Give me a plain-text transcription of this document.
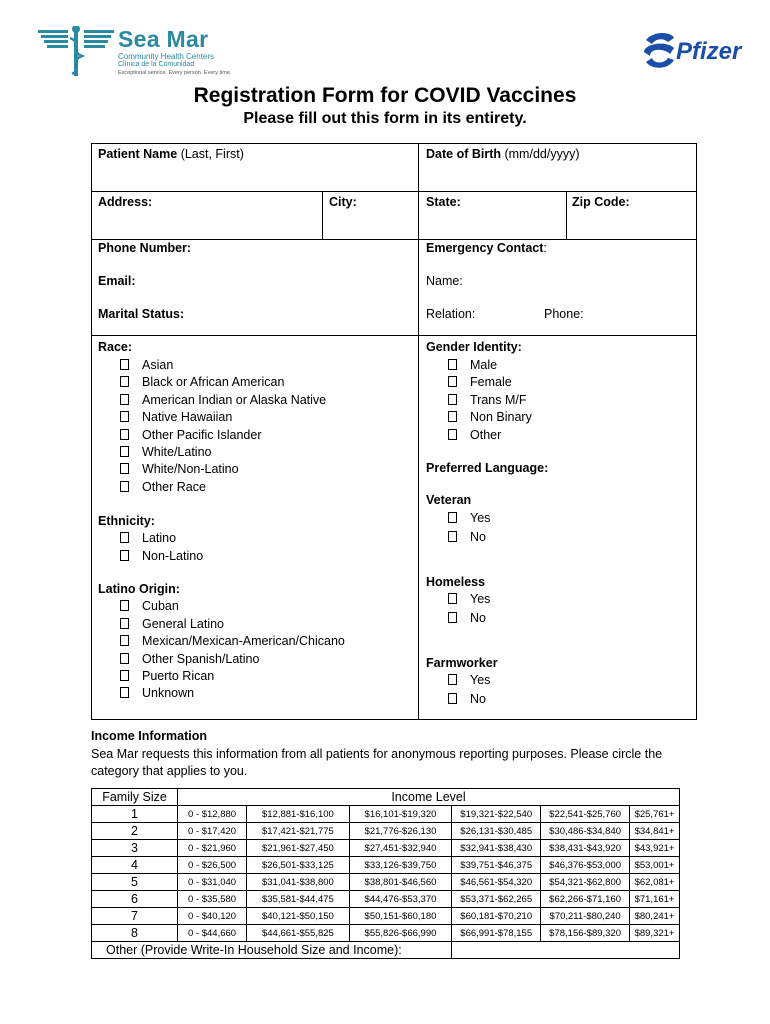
Sea Mar
Community Health Centers
Clínica de la Comunidad
Exceptional service. Every person. Every time.
Pfizer
Registration Form for COVID Vaccines
Please fill out this form in its entirety.
Patient Name (Last, First)	Date of Birth (mm/dd/yyyy)
Address:	City:	State:	Zip Code:
Phone Number:
Email:
Marital Status:
Emergency Contact:
Name:
Relation:	Phone:
Race:
Asian
Black or African American
American Indian or Alaska Native
Native Hawaiian
Other Pacific Islander
White/Latino
White/Non-Latino
Other Race
Ethnicity:
Latino
Non-Latino
Latino Origin:
Cuban
General Latino
Mexican/Mexican-American/Chicano
Other Spanish/Latino
Puerto Rican
Unknown
Gender Identity:
Male
Female
Trans M/F
Non Binary
Other
Preferred Language:
Veteran
Yes
No
Homeless
Yes
No
Farmworker
Yes
No
Income Information
Sea Mar requests this information from all patients for anonymous reporting purposes. Please circle the category that applies to you.
Family Size	Income Level					
1	0 - $12,880	$12,881-$16,100	$16,101-$19,320	$19,321-$22,540	$22,541-$25,760	$25,761+
2	0 - $17,420	$17,421-$21,775	$21,776-$26,130	$26,131-$30,485	$30,486-$34,840	$34,841+
3	0 - $21,960	$21,961-$27,450	$27,451-$32,940	$32,941-$38,430	$38,431-$43,920	$43,921+
4	0 - $26,500	$26,501-$33,125	$33,126-$39,750	$39,751-$46,375	$46,376-$53,000	$53,001+
5	0 - $31,040	$31,041-$38,800	$38,801-$46,560	$46,561-$54,320	$54,321-$62,800	$62,081+
6	0 - $35,580	$35,581-$44,475	$44,476-$53,370	$53,371-$62,265	$62,266-$71,160	$71,161+
7	0 - $40,120	$40,121-$50,150	$50,151-$60,180	$60,181-$70,210	$70,211-$80,240	$80,241+
8	0 - $44,660	$44,661-$55,825	$55,826-$66,990	$66,991-$78,155	$78,156-$89,320	$89,321+
Other (Provide Write-In Household Size and Income):						
